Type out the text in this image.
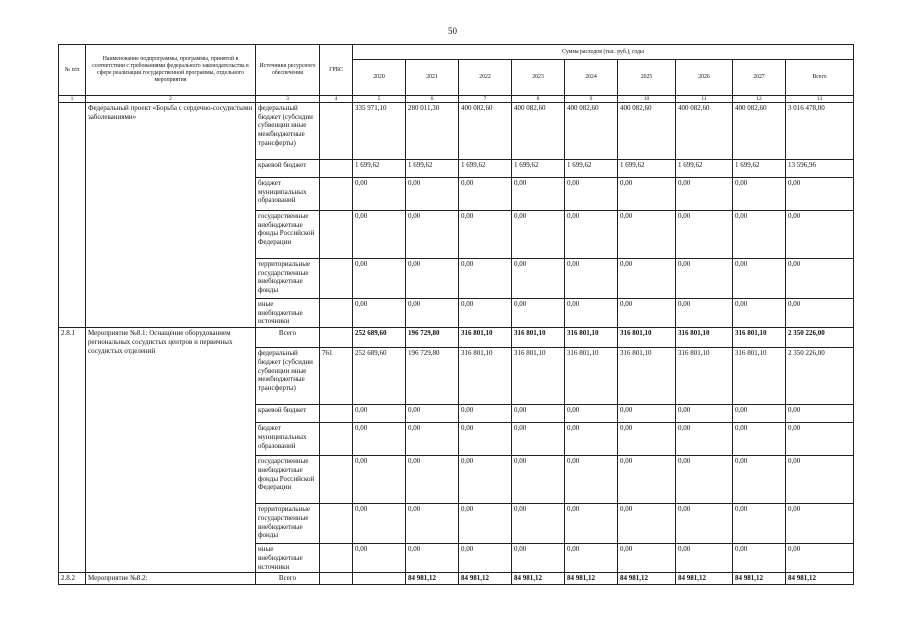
50
№ п/п	Наименование подпрограммы, программы, принятой в соответствии с требованиями федерального законодательства в сфере реализации государственной программы, отдельного мероприятия	Источники ресурсного обеспечения	ГРБС	Сумма расходов (тыс. руб.), годы								
				2020	2021	2022	2023	2024	2025	2026	2027	Всего
1	2	3	4	5	6	7	8	9	10	11	12	13
	Федеральный проект «Борьба с сердечно-сосудистыми заболеваниями»	федеральный бюджет (субсидии субвенции иные межбюджетные трансферты)		335 971,10	280 011,30	400 082,60	400 082,60	400 082,60	400 082,60	400 082,60	400 082,60	3 016 478,00
		краевой бюджет		1 699,62	1 699,62	1 699,62	1 699,62	1 699,62	1 699,62	1 699,62	1 699,62	13 596,96
		бюджет муниципальных образований		0,00	0,00	0,00	0,00	0,00	0,00	0,00	0,00	0,00
		государственные внебюджетные фонды Российской Федерации		0,00	0,00	0,00	0,00	0,00	0,00	0,00	0,00	0,00
		территориальные государственные внебюджетные фонды		0,00	0,00	0,00	0,00	0,00	0,00	0,00	0,00	0,00
		иные внебюджетные источники		0,00	0,00	0,00	0,00	0,00	0,00	0,00	0,00	0,00
2.8.1	Мероприятие №8.1: Оснащение оборудованием региональных сосудистых центров и первичных сосудистых отделений	Всего		252 689,60	196 729,80	316 801,10	316 801,10	316 801,10	316 801,10	316 801,10	316 801,10	2 350 226,00
		федеральный бюджет (субсидии субвенции иные межбюджетные трансферты)	761	252 689,60	196 729,80	316 801,10	316 801,10	316 801,10	316 801,10	316 801,10	316 801,10	2 350 226,00
		краевой бюджет		0,00	0,00	0,00	0,00	0,00	0,00	0,00	0,00	0,00
		бюджет муниципальных образований		0,00	0,00	0,00	0,00	0,00	0,00	0,00	0,00	0,00
		государственные внебюджетные фонды Российской Федерации		0,00	0,00	0,00	0,00	0,00	0,00	0,00	0,00	0,00
		территориальные государственные внебюджетные фонды		0,00	0,00	0,00	0,00	0,00	0,00	0,00	0,00	0,00
		иные внебюджетные источники		0,00	0,00	0,00	0,00	0,00	0,00	0,00	0,00	0,00
2.8.2	Мероприятие №8.2:	Всего			84 981,12	84 981,12	84 981,12	84 981,12	84 981,12	84 981,12	84 981,12	84 981,12
